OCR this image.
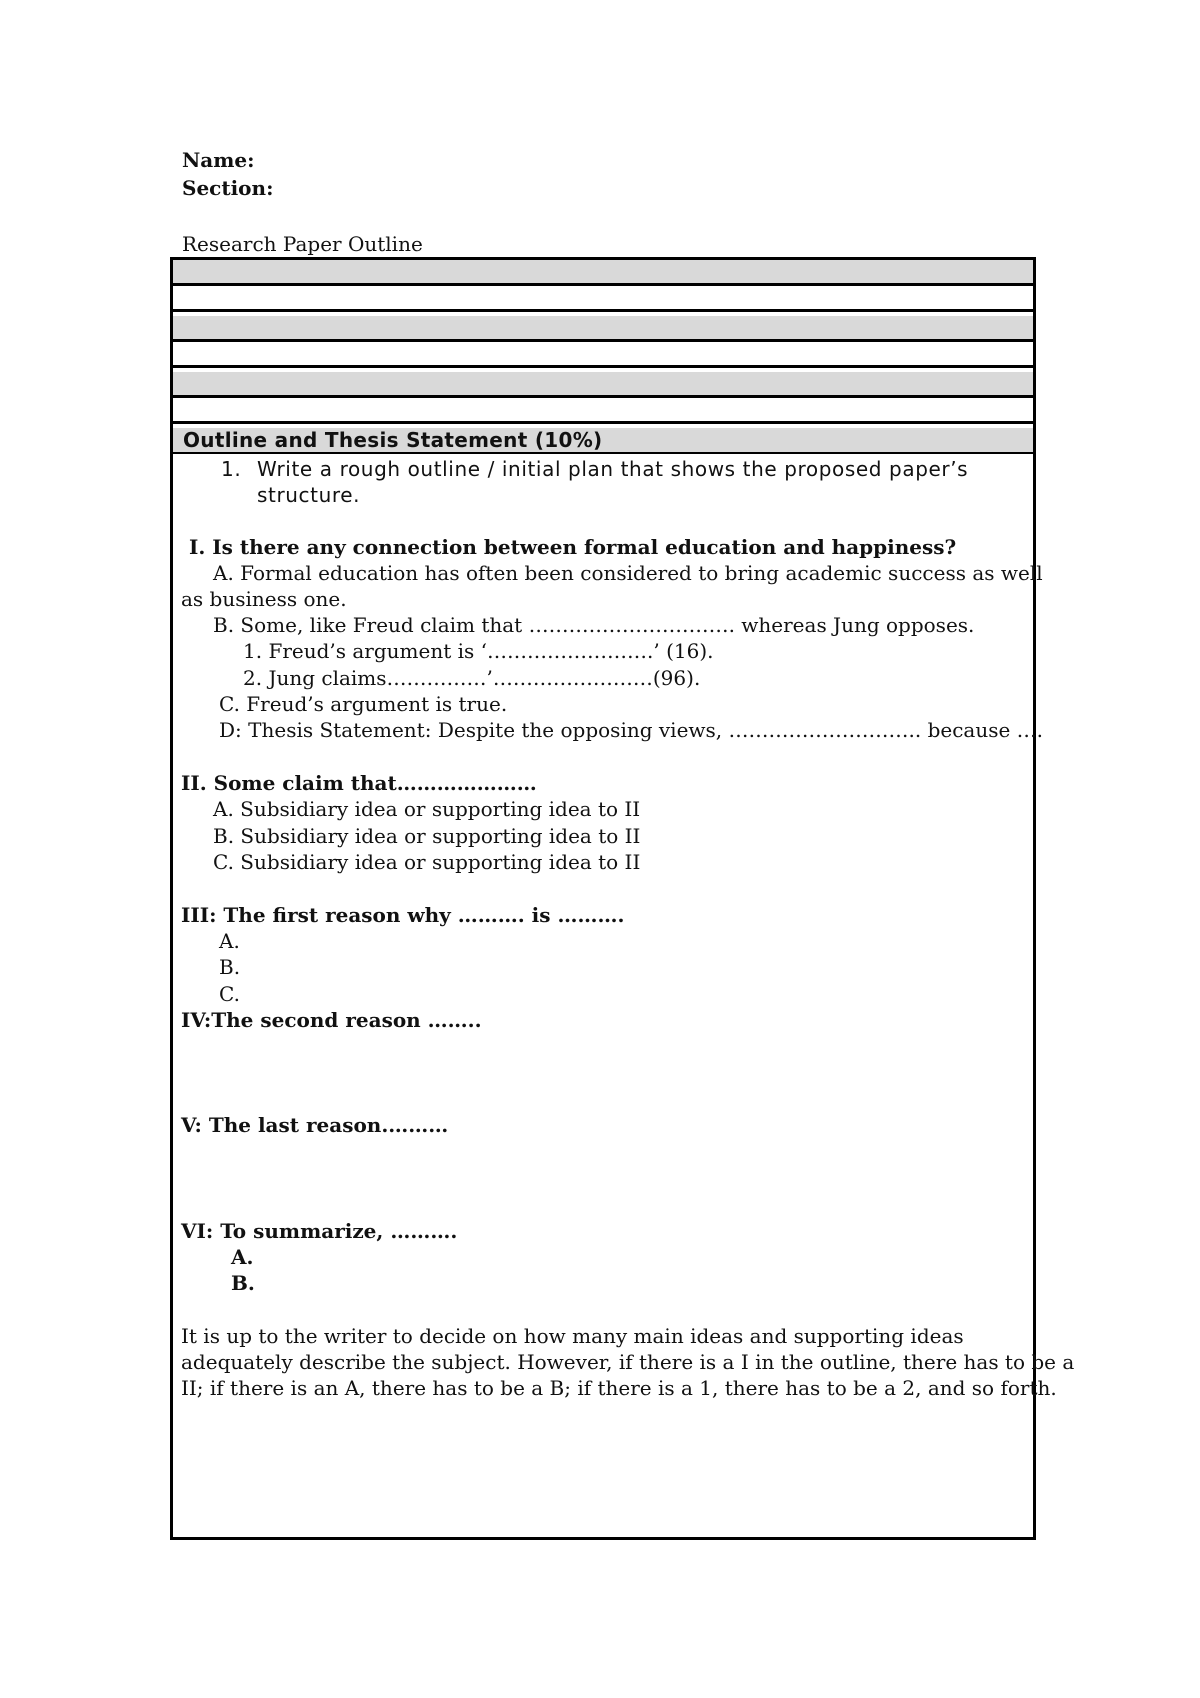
Name:
Section:
Research Paper Outline
Outline and Thesis Statement (10%)
1. Write a rough outline / initial plan that shows the proposed paper’s
structure.
I. Is there any connection between formal education and happiness?
A. Formal education has often been considered to bring academic success as well
as business one.
B. Some, like Freud claim that …………………………. whereas Jung opposes.
1. Freud’s argument is ‘…………………….’ (16).
2. Jung claims……………’……………………(96).
C. Freud’s argument is true.
D: Thesis Statement: Despite the opposing views, ……………………….. because ….
II. Some claim that…………………
A. Subsidiary idea or supporting idea to II
B. Subsidiary idea or supporting idea to II
C. Subsidiary idea or supporting idea to II
III: The first reason why ………. is ……….
A.
B.
C.
IV:The second reason ……..
V: The last reason.………
VI: To summarize, ……….
A.
B.
It is up to the writer to decide on how many main ideas and supporting ideas
adequately describe the subject. However, if there is a I in the outline, there has to be a
II; if there is an A, there has to be a B; if there is a 1, there has to be a 2, and so forth.
